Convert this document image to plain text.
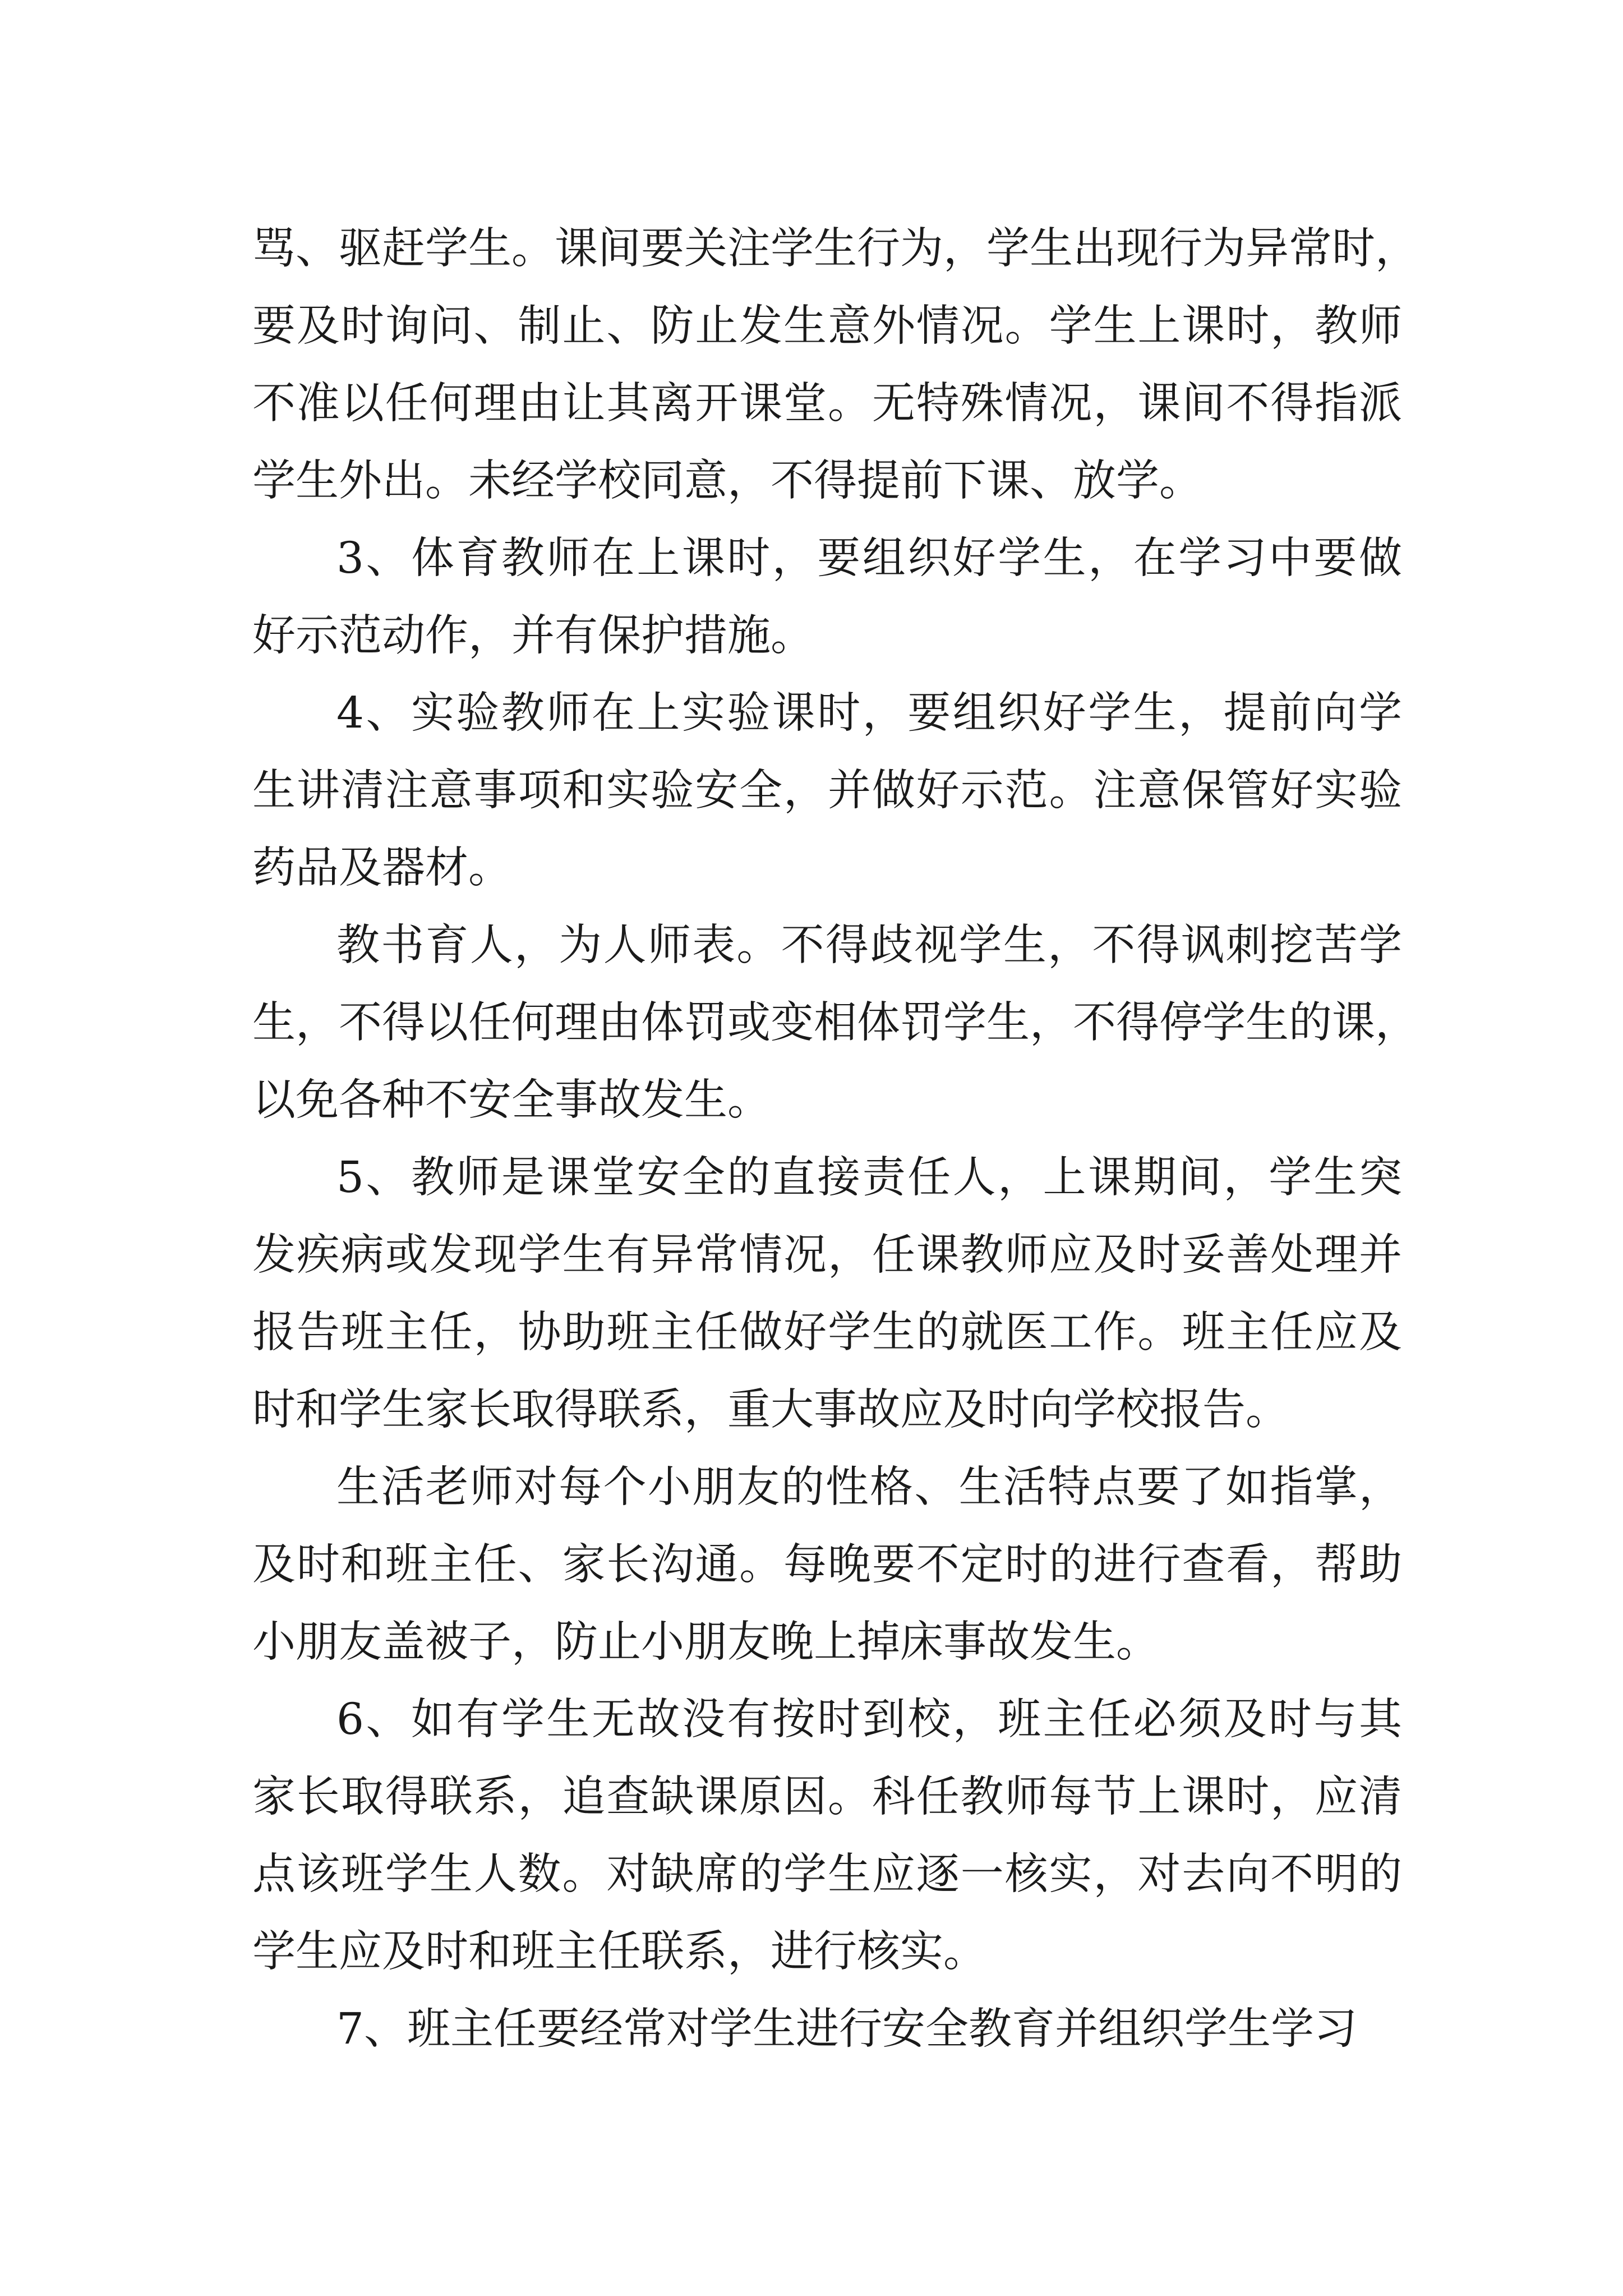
骂、驱赶学生。课间要关注学生行为，学生出现行为异常时，
要及时询问、制止、防止发生意外情况。学生上课时，教师
不准以任何理由让其离开课堂。无特殊情况，课间不得指派
学生外出。未经学校同意，不得提前下课、放学。
3、体育教师在上课时，要组织好学生，在学习中要做
好示范动作，并有保护措施。
4、实验教师在上实验课时，要组织好学生，提前向学
生讲清注意事项和实验安全，并做好示范。注意保管好实验
药品及器材。
教书育人，为人师表。不得歧视学生，不得讽刺挖苦学
生，不得以任何理由体罚或变相体罚学生，不得停学生的课，
以免各种不安全事故发生。
5、教师是课堂安全的直接责任人，上课期间，学生突
发疾病或发现学生有异常情况，任课教师应及时妥善处理并
报告班主任，协助班主任做好学生的就医工作。班主任应及
时和学生家长取得联系，重大事故应及时向学校报告。
生活老师对每个小朋友的性格、生活特点要了如指掌，
及时和班主任、家长沟通。每晚要不定时的进行查看，帮助
小朋友盖被子，防止小朋友晚上掉床事故发生。
6、如有学生无故没有按时到校，班主任必须及时与其
家长取得联系，追查缺课原因。科任教师每节上课时，应清
点该班学生人数。对缺席的学生应逐一核实，对去向不明的
学生应及时和班主任联系，进行核实。
7、班主任要经常对学生进行安全教育并组织学生学习
